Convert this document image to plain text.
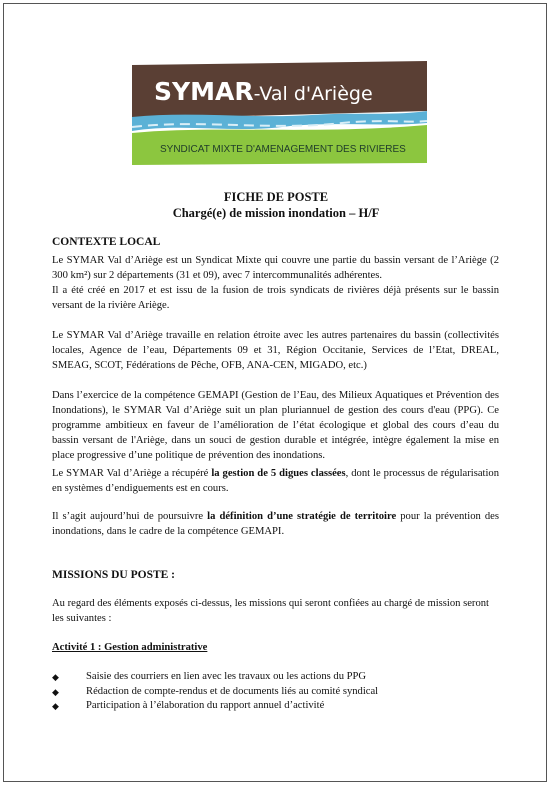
SYMAR-Val d'Ariège
SYNDICAT MIXTE D'AMENAGEMENT DES RIVIERES
FICHE DE POSTE
Chargé(e) de mission inondation – H/F
CONTEXTE LOCAL

Le SYMAR Val d’Ariège est un Syndicat Mixte qui couvre une partie du bassin versant de l’Ariège (2 300 km²) sur 2 départements (31 et 09), avec 7 intercommunalités adhérentes.

Il a été créé en 2017 et est issu de la fusion de trois syndicats de rivières déjà présents sur le bassin versant de la rivière Ariège.

Le SYMAR Val d’Ariège travaille en relation étroite avec les autres partenaires du bassin (collectivités locales, Agence de l’eau, Départements 09 et 31, Région Occitanie, Services de l’Etat, DREAL, SMEAG, SCOT, Fédérations de Pêche, OFB, ANA-CEN, MIGADO, etc.)
Dans l’exercice de la compétence GEMAPI (Gestion de l’Eau, des Milieux Aquatiques et Prévention des Inondations), le SYMAR Val d’Ariège suit un plan pluriannuel de gestion des cours d'eau (PPG). Ce programme ambitieux en faveur de l’amélioration de l’état écologique et global des cours d’eau du bassin versant de l'Ariège, dans un souci de gestion durable et intégrée, intègre également la mise en place progressive d’une politique de prévention des inondations.
Le SYMAR Val d’Ariège a récupéré la gestion de 5 digues classées, dont le processus de régularisation en systèmes d’endiguements est en cours.
Il s’agit aujourd’hui de poursuivre la définition d’une stratégie de territoire pour la prévention des inondations, dans le cadre de la compétence GEMAPI.
MISSIONS DU POSTE :
Au regard des éléments exposés ci-dessus, les missions qui seront confiées au chargé de mission seront les suivantes :
Activité 1 : Gestion administrative
◆	Saisie des courriers en lien avec les travaux ou les actions du PPG
◆	Rédaction de compte-rendus et de documents liés au comité syndical
◆	Participation à l’élaboration du rapport annuel d’activité
